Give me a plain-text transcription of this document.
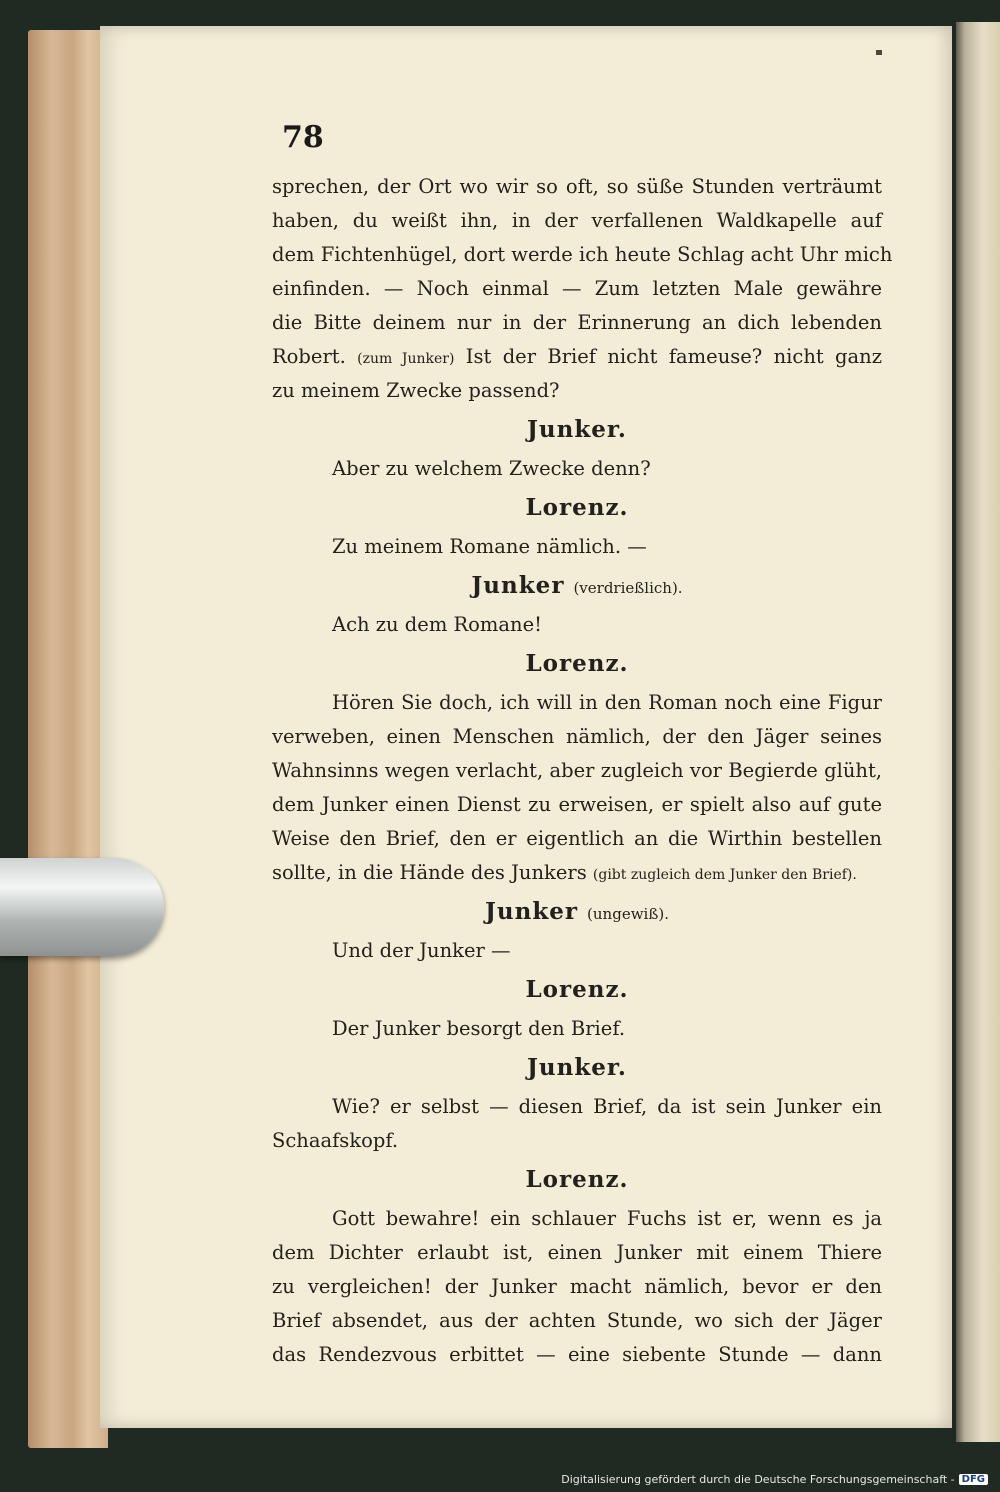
78
sprechen, der Ort wo wir so oft, so süße Stunden verträumt
haben, du weißt ihn, in der verfallenen Waldkapelle auf
dem Fichtenhügel, dort werde ich heute Schlag acht Uhr mich
einfinden. — Noch einmal — Zum letzten Male gewähre
die Bitte deinem nur in der Erinnerung an dich lebenden
Robert. (zum Junker) Ist der Brief nicht fameuse? nicht ganz
zu meinem Zwecke passend?
Junker.
Aber zu welchem Zwecke denn?
Lorenz.
Zu meinem Romane nämlich. —
Junker (verdrießlich).
Ach zu dem Romane!
Lorenz.
Hören Sie doch, ich will in den Roman noch eine Figur
verweben, einen Menschen nämlich, der den Jäger seines
Wahnsinns wegen verlacht, aber zugleich vor Begierde glüht,
dem Junker einen Dienst zu erweisen, er spielt also auf gute
Weise den Brief, den er eigentlich an die Wirthin bestellen
sollte, in die Hände des Junkers (gibt zugleich dem Junker den Brief).
Junker (ungewiß).
Und der Junker —
Lorenz.
Der Junker besorgt den Brief.
Junker.
Wie? er selbst — diesen Brief, da ist sein Junker ein
Schaafskopf.
Lorenz.
Gott bewahre! ein schlauer Fuchs ist er, wenn es ja
dem Dichter erlaubt ist, einen Junker mit einem Thiere
zu vergleichen! der Junker macht nämlich, bevor er den
Brief absendet, aus der achten Stunde, wo sich der Jäger
das Rendezvous erbittet — eine siebente Stunde — dann
Digitalisierung gefördert durch die Deutsche Forschungsgemeinschaft - DFG
